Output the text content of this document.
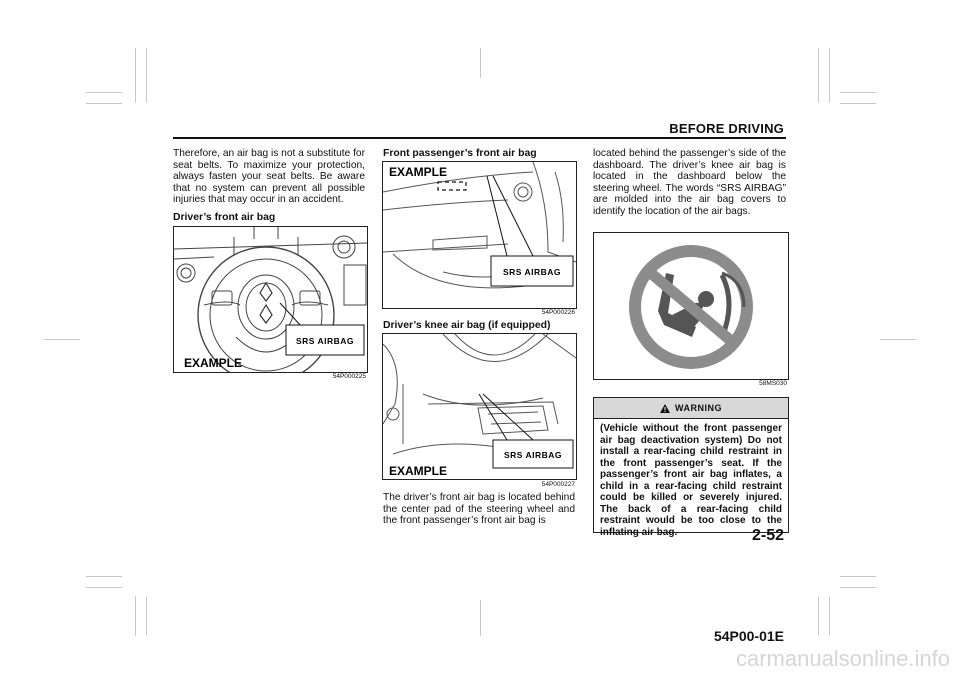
BEFORE DRIVING
Therefore, an air bag is not a substitute for seat belts. To maximize your protection, always fasten your seat belts. Be aware that no system can prevent all possible injuries that may occur in an accident.
Driver’s front air bag
SRS AIRBAG
EXAMPLE
54P000225
Front passenger’s front air bag
SRS AIRBAG
EXAMPLE
54P000226
Driver’s knee air bag (if equipped)
SRS AIRBAG
EXAMPLE
54P000227
The driver’s front air bag is located behind the center pad of the steering wheel and the front passenger’s front air bag is
located behind the passenger’s side of the dashboard. The driver’s knee air bag is located in the dashboard below the steering wheel. The words “SRS AIRBAG” are molded into the air bag covers to identify the location of the air bags.
58MS030
WARNING
(Vehicle without the front passenger air bag deactivation system) Do not install a rear-facing child restraint in the front passenger’s seat. If the passenger’s front air bag inflates, a child in a rear-facing child restraint could be killed or severely injured. The back of a rear-facing child restraint would be too close to the inflating air bag.	2-52
54P00-01E
carmanualsonline.info
